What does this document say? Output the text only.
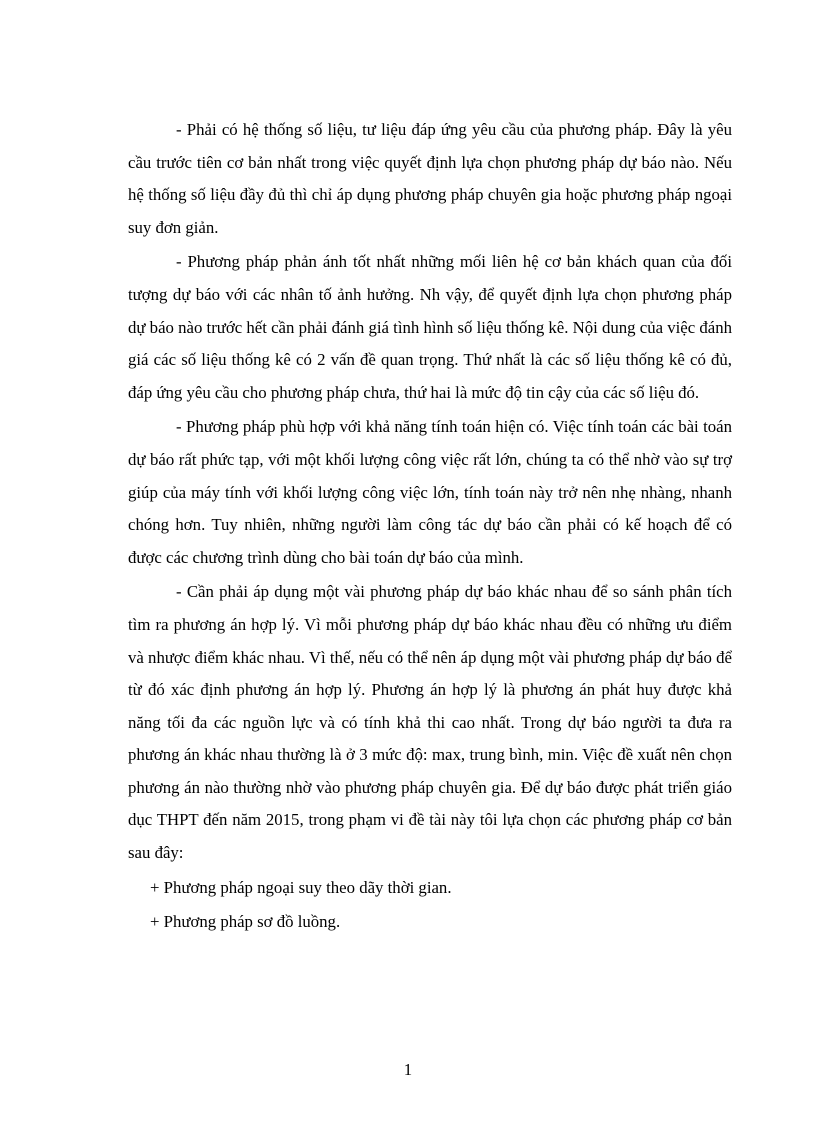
- Phải có hệ thống số liệu, tư liệu đáp ứng yêu cầu của phương pháp. Đây là yêu cầu trước tiên cơ bản nhất trong việc quyết định lựa chọn phương pháp dự báo nào. Nếu hệ thống số liệu đầy đủ thì chỉ áp dụng phương pháp chuyên gia hoặc phương pháp ngoại suy đơn giản.

- Phương pháp phản ánh tốt nhất những mối liên hệ cơ bản khách quan của đối tượng dự báo với các nhân tố ảnh hưởng. Nh vậy, để quyết định lựa chọn phương pháp dự báo nào trước hết cần phải đánh giá tình hình số liệu thống kê. Nội dung của việc đánh giá các số liệu thống kê có 2 vấn đề quan trọng. Thứ nhất là các số liệu thống kê có đủ, đáp ứng yêu cầu cho phương pháp chưa, thứ hai là mức độ tin cậy của các số liệu đó.

- Phương pháp phù hợp với khả năng tính toán hiện có. Việc tính toán các bài toán dự báo rất phức tạp, với một khối lượng công việc rất lớn, chúng ta có thể nhờ vào sự trợ giúp của máy tính với khối lượng công việc lớn, tính toán này trở nên nhẹ nhàng, nhanh chóng hơn. Tuy nhiên, những người làm công tác dự báo cần phải có kế hoạch để có được các chương trình dùng cho bài toán dự báo của mình.

- Cần phải áp dụng một vài phương pháp dự báo khác nhau để so sánh phân tích tìm ra phương án hợp lý. Vì mỗi phương pháp dự báo khác nhau đều có những ưu điểm và nhược điểm khác nhau. Vì thế, nếu có thể nên áp dụng một vài phương pháp dự báo để từ đó xác định phương án hợp lý. Phương án hợp lý là phương án phát huy được khả năng tối đa các nguồn lực và có tính khả thi cao nhất. Trong dự báo người ta đưa ra phương án khác nhau thường là ở 3 mức độ: max, trung bình, min. Việc đề xuất nên chọn phương án nào thường nhờ vào phương pháp chuyên gia. Để dự báo được phát triển giáo dục THPT đến năm 2015, trong phạm vi đề tài này tôi lựa chọn các phương pháp cơ bản sau đây:

+ Phương pháp ngoại suy theo dãy thời gian.
+ Phương pháp sơ đồ luồng.
1
